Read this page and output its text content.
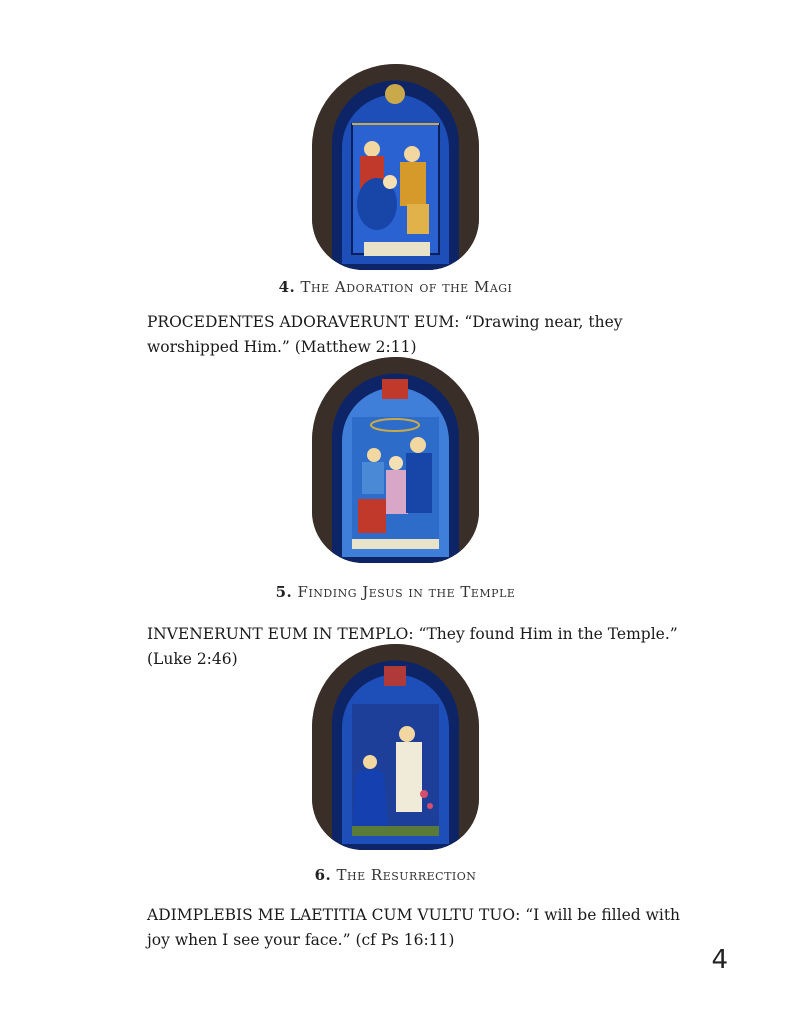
4. The Adoration of the Magi
PROCEDENTES ADORAVERUNT EUM: “Drawing near, they worshipped Him.” (Matthew 2:11)
5. Finding Jesus in the Temple
INVENERUNT EUM IN TEMPLO: “They found Him in the Temple.” (Luke 2:46)
6. The Resurrection
ADIMPLEBIS ME LAETITIA CUM VULTU TUO: “I will be filled with joy when I see your face.” (cf Ps 16:11)
4
